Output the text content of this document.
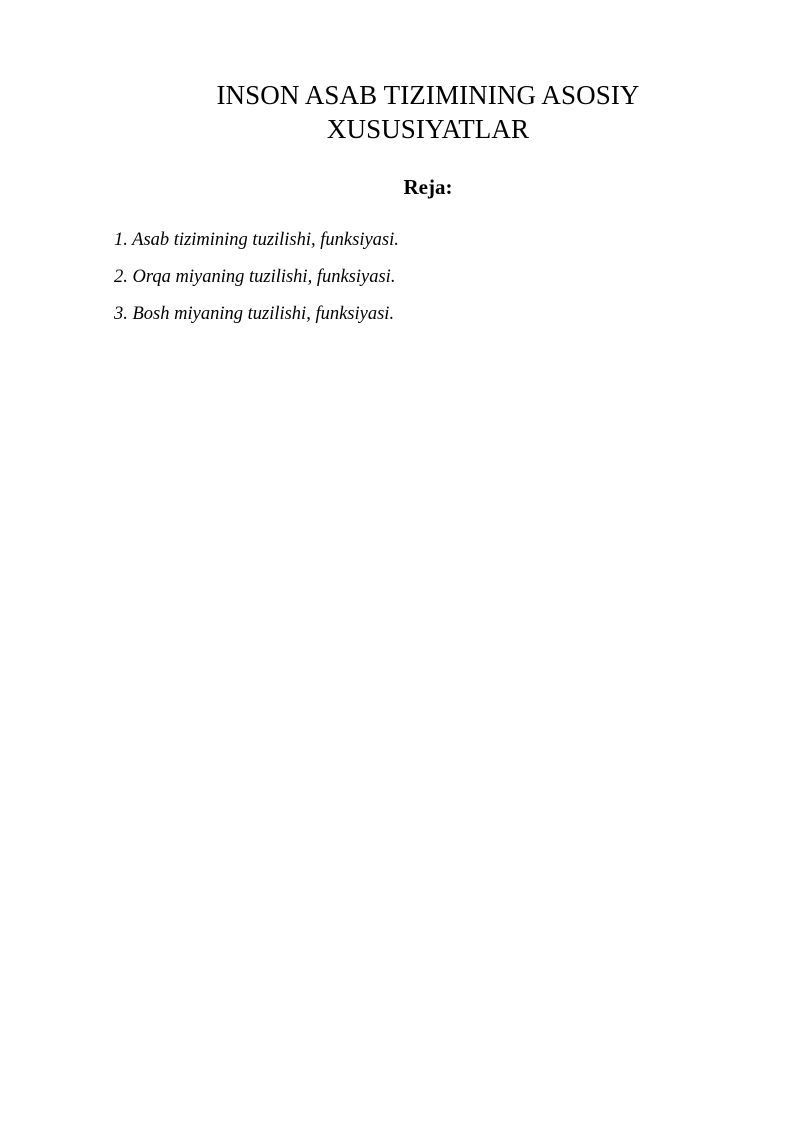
INSON ASAB TIZIMINING ASOSIY
XUSUSIYATLAR
Reja:
1. Asab tizimining tuzilishi, funksiyasi.
2. Orqa miyaning tuzilishi, funksiyasi.
3. Bosh miyaning tuzilishi, funksiyasi.
